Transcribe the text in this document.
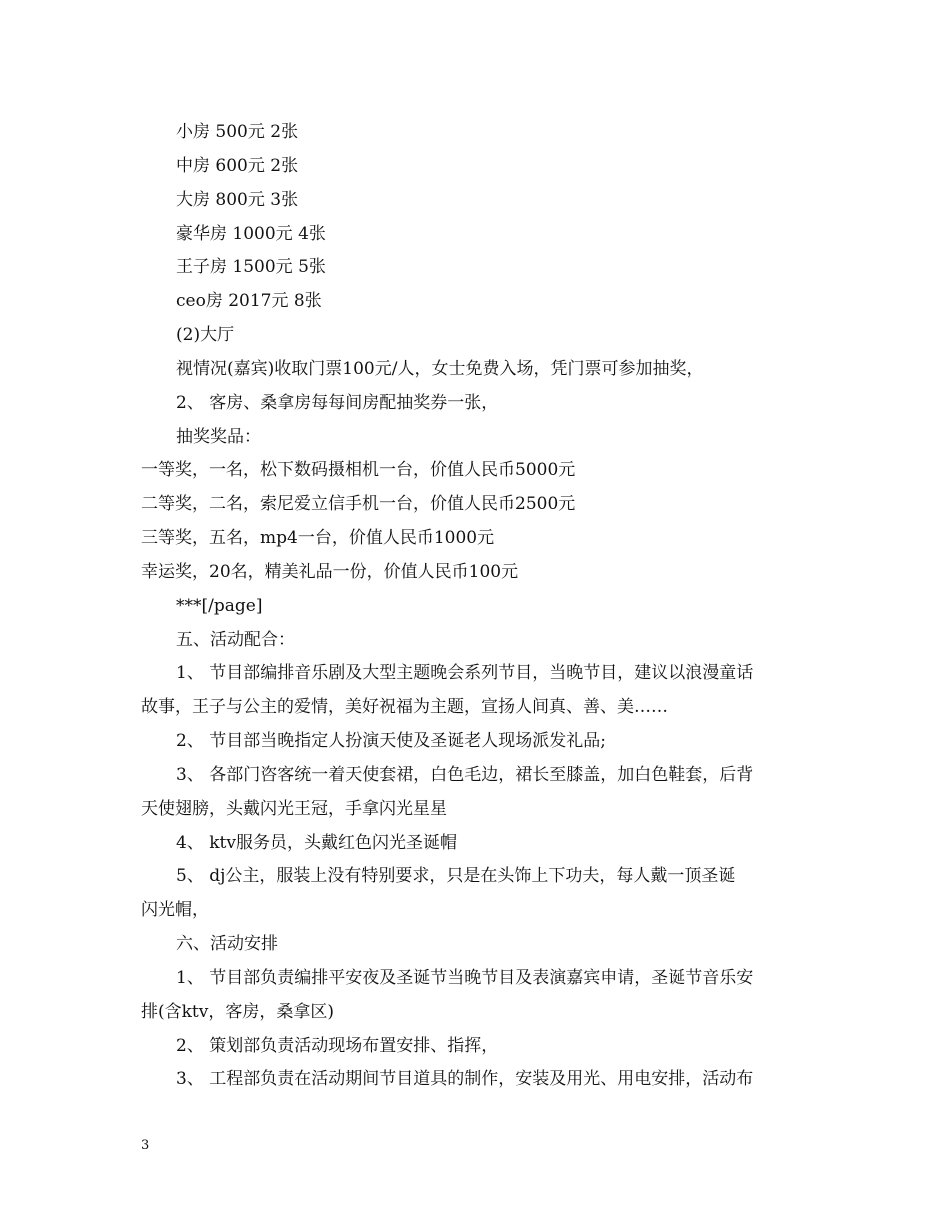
小房 500元 2张
中房 600元 2张
大房 800元 3张
豪华房 1000元 4张
王子房 1500元 5张
ceo房 2017元 8张
(2)大厅
视情况(嘉宾)收取门票100元/人，女士免费入场，凭门票可参加抽奖，
2、 客房、桑拿房每每间房配抽奖券一张，
抽奖奖品：
一等奖，一名，松下数码摄相机一台，价值人民币5000元
二等奖，二名，索尼爱立信手机一台，价值人民币2500元
三等奖，五名，mp4一台，价值人民币1000元
幸运奖，20名，精美礼品一份，价值人民币100元
***[/page]
五、活动配合：
1、 节目部编排音乐剧及大型主题晚会系列节目，当晚节目，建议以浪漫童话
故事，王子与公主的爱情，美好祝福为主题，宣扬人间真、善、美……
2、 节目部当晚指定人扮演天使及圣诞老人现场派发礼品;
3、 各部门咨客统一着天使套裙，白色毛边，裙长至膝盖，加白色鞋套，后背
天使翅膀，头戴闪光王冠，手拿闪光星星
4、 ktv服务员，头戴红色闪光圣诞帽
5、 dj公主，服装上没有特别要求，只是在头饰上下功夫，每人戴一顶圣诞
闪光帽，
六、活动安排
1、 节目部负责编排平安夜及圣诞节当晚节目及表演嘉宾申请，圣诞节音乐安
排(含ktv，客房，桑拿区)
2、 策划部负责活动现场布置安排、指挥，
3、 工程部负责在活动期间节目道具的制作，安装及用光、用电安排，活动布
3
